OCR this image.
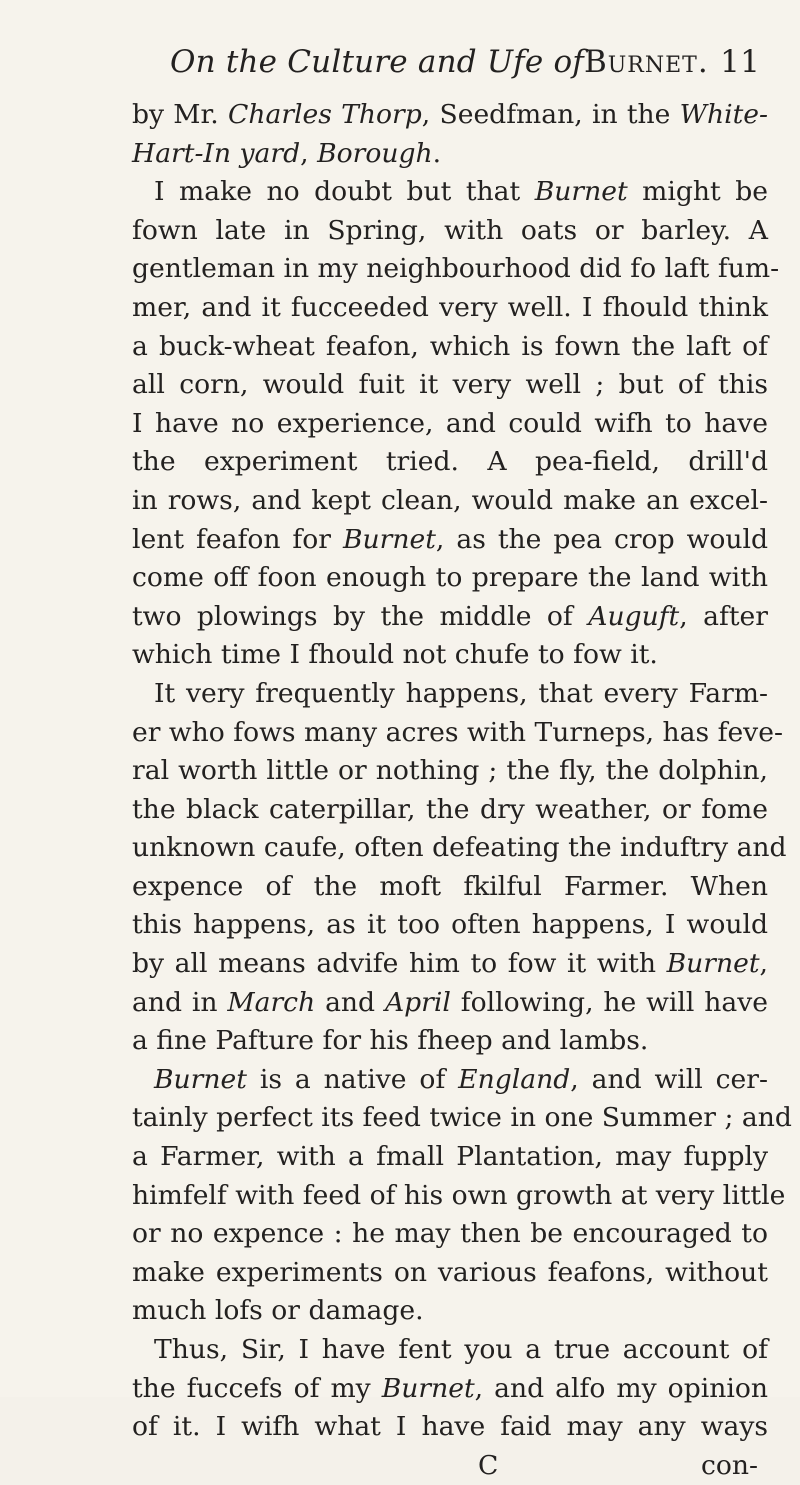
On the Culture and Ufe ofBurnet. 11
by Mr. Charles Thorp, Seedfman, in the White-
Hart-In yard, Borough.
I make no doubt but that Burnet might be
fown late in Spring, with oats or barley. A
gentleman in my neighbourhood did fo laft fum-
mer, and it fucceeded very well. I fhould think
a buck-wheat feafon, which is fown the laft of
all corn, would fuit it very well ; but of this
I have no experience, and could wifh to have
the experiment tried. A pea-field, drill'd
in rows, and kept clean, would make an excel-
lent feafon for Burnet, as the pea crop would
come off foon enough to prepare the land with
two plowings by the middle of Auguft, after
which time I fhould not chufe to fow it.
It very frequently happens, that every Farm-
er who fows many acres with Turneps, has feve-
ral worth little or nothing ; the fly, the dolphin,
the black caterpillar, the dry weather, or fome
unknown caufe, often defeating the induftry and
expence of the moft fkilful Farmer. When
this happens, as it too often happens, I would
by all means advife him to fow it with Burnet,
and in March and April following, he will have
a fine Pafture for his fheep and lambs.
Burnet is a native of England, and will cer-
tainly perfect its feed twice in one Summer ; and
a Farmer, with a fmall Plantation, may fupply
himfelf with feed of his own growth at very little
or no expence : he may then be encouraged to
make experiments on various feafons, without
much lofs or damage.
Thus, Sir, I have fent you a true account of
the fuccefs of my Burnet, and alfo my opinion
of it. I wifh what I have faid may any ways
C	con-
